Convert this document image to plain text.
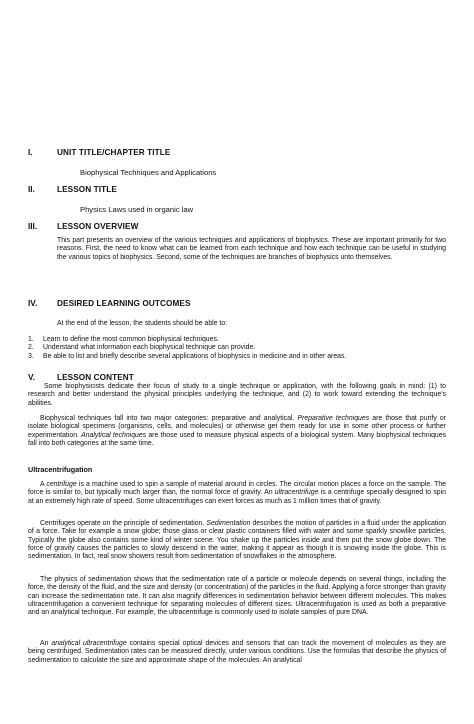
I.	UNIT TITLE/CHAPTER TITLE
Biophysical Techniques and Applications
II.	LESSON TITLE
Physics Laws used in organic law
III. LESSON OVERVIEW

This part presents an overview of the various techniques and applications of biophysics. These are important primarily for two reasons. First, the need to know what can be learned from each technique and how each technique can be useful in studying the various topics of biophysics. Second, some of the techniques are branches of biophysics unto themselves.

IV. DESIRED LEARNING OUTCOMES

At the end of the lesson, the students should be able to:

1.	Learn to define the most common biophysical techniques.
2.	Understand what information each biophysical technique can provide.
3.	Be able to list and briefly describe several applications of biophysics in medicine and in other areas.
V.	LESSON CONTENT

Some biophysicists dedicate their focus of study to a single technique or application, with the following goals in mind: (1) to research and better understand the physical principles underlying the technique, and (2) to work toward extending the technique's abilities.

Biophysical techniques fall into two major categories: preparative and analytical. Preparative techniques are those that purify or isolate biological specimens (organisms, cells, and molecules) or otherwise get them ready for use in some other process or further experimentation. Analytical techniques are those used to measure physical aspects of a biological system. Many biophysical techniques fall into both categories at the same time.

Ultracentrifugation

A centrifuge is a machine used to spin a sample of material around in circles. The circular motion places a force on the sample. The force is similar to, but typically much larger than, the normal force of gravity. An ultracentrifuge is a centrifuge specially designed to spin at an extremely high rate of speed. Some ultracentrifuges can exert forces as much as 1 million times that of gravity.

Centrifuges operate on the principle of sedimentation. Sedimentation describes the motion of particles in a fluid under the application of a force. Take for example a snow globe; those glass or clear plastic containers filled with water and some sparkly snowlike particles. Typically the globe also contains some kind of winter scene. You shake up the particles inside and then put the snow globe down. The force of gravity causes the particles to slowly descend in the water, making it appear as though it is snowing inside the globe. This is sedimentation. In fact, real snow showers result from sedimentation of snowflakes in the atmosphere.

The physics of sedimentation shows that the sedimentation rate of a particle or molecule depends on several things, including the force, the density of the fluid, and the size and density (or concentration) of the particles in the fluid. Applying a force stronger than gravity can increase the sedimentation rate. It can also magnify differences in sedimentation behavior between different molecules. This makes ultracentrifugation a convenient technique for separating molecules of different sizes. Ultracentrifugation is used as both a preparative and an analytical technique. For example, the ultracentrifuge is commonly used to isolate samples of pure DNA.

An analytical ultracentrifuge contains special optical devices and sensors that can track the movement of molecules as they are being centrifuged. Sedimentation rates can be measured directly, under various conditions. Use the formulas that describe the physics of sedimentation to calculate the size and approximate shape of the molecules. An analytical
